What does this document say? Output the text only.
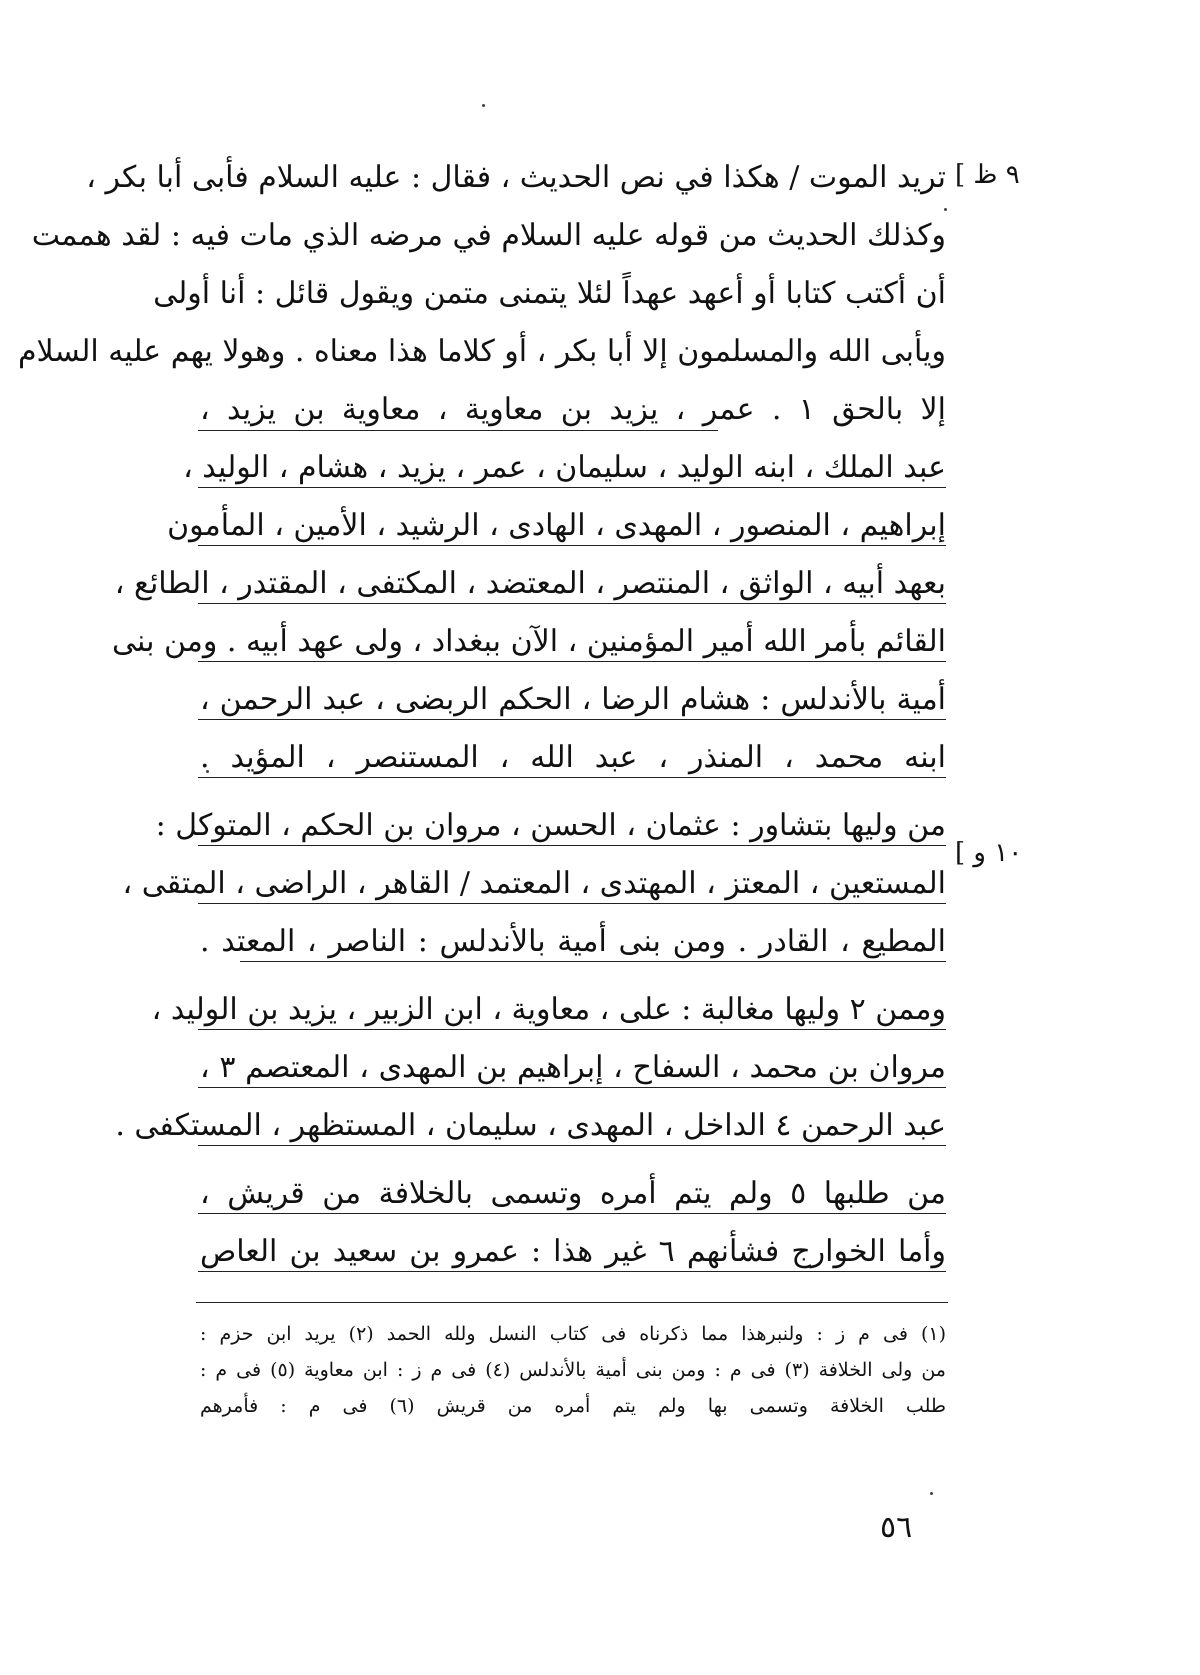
٩ ظ ]
١٠ و ]
تريد الموت / هكذا في نص الحديث ، فقال : عليه السلام فأبى أبا بكر ،
وكذلك الحديث من قوله عليه السلام في مرضه الذي مات فيه : لقد هممت
أن أكتب كتابا أو أعهد عهداً لئلا يتمنى متمن ويقول قائل : أنا أولى
ويأبى الله والمسلمون إلا أبا بكر ، أو كلاما هذا معناه . وهولا يهم عليه السلام
إلا بالحق ١ . عمر ، يزيد بن معاوية ، معاوية بن يزيد ،
عبد الملك ، ابنه الوليد ، سليمان ، عمر ، يزيد ، هشام ، الوليد ،
إبراهيم ، المنصور ، المهدى ، الهادى ، الرشيد ، الأمين ، المأمون
بعهد أبيه ، الواثق ، المنتصر ، المعتضد ، المكتفى ، المقتدر ، الطائع ،
القائم بأمر الله أمير المؤمنين ، الآن ببغداد ، ولى عهد أبيه . ومن بنى
أمية بالأندلس : هشام الرضا ، الحكم الربضى ، عبد الرحمن ،
ابنه محمد ، المنذر ، عبد الله ، المستنصر ، المؤيد .
من وليها بتشاور : عثمان ، الحسن ، مروان بن الحكم ، المتوكل :
المستعين ، المعتز ، المهتدى ، المعتمد / القاهر ، الراضى ، المتقى ،
المطيع ، القادر . ومن بنى أمية بالأندلس : الناصر ، المعتد .
وممن ٢ وليها مغالبة : على ، معاوية ، ابن الزبير ، يزيد بن الوليد ،
مروان بن محمد ، السفاح ، إبراهيم بن المهدى ، المعتصم ٣ ،
عبد الرحمن ٤ الداخل ، المهدى ، سليمان ، المستظهر ، المستكفى .
من طلبها ٥ ولم يتم أمره وتسمى بالخلافة من قريش ،
وأما الخوارج فشأنهم ٦ غير هذا : عمرو بن سعيد بن العاص
(١) فى م ز : ولنبرهذا مما ذكرناه فى كتاب النسل ولله الحمد (٢) يريد ابن حزم :
من ولى الخلافة (٣) فى م : ومن بنى أمية بالأندلس (٤) فى م ز : ابن معاوية (٥) فى م :
طلب الخلافة وتسمى بها ولم يتم أمره من قريش (٦) فى م : فأمرهم
٥٦
